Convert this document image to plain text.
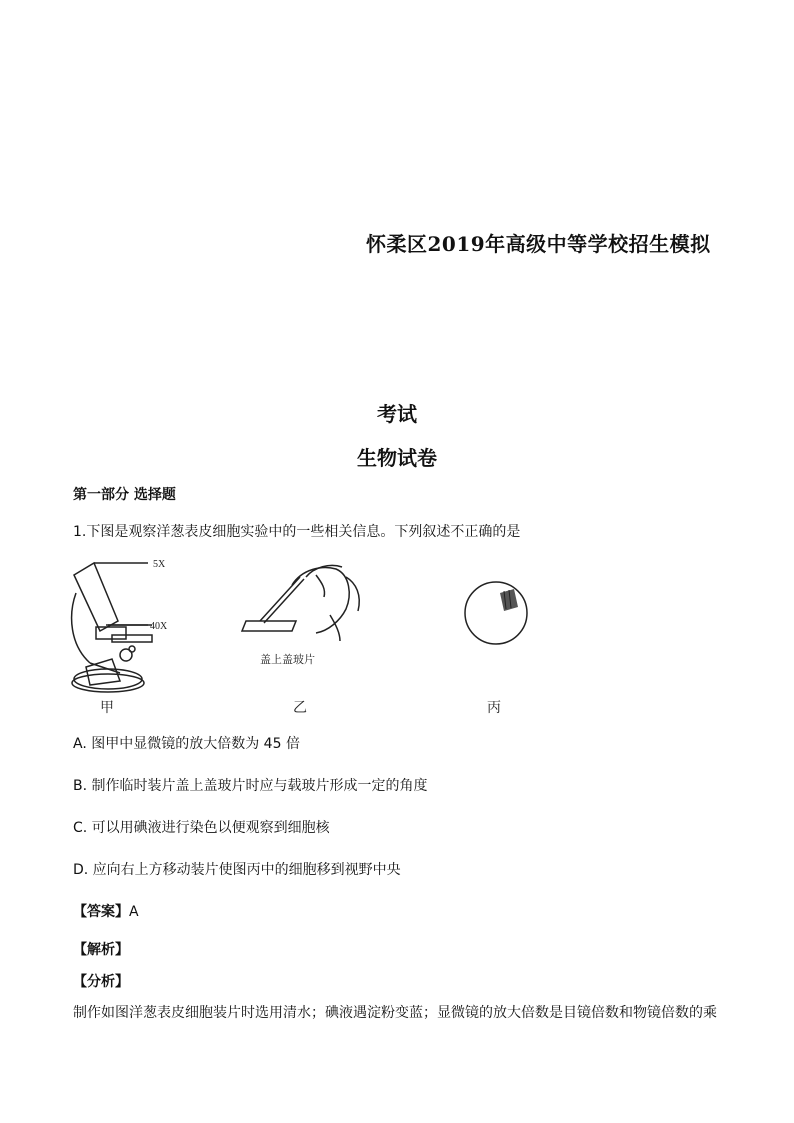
怀柔区2019年高级中等学校招生模拟
考试
生物试卷
第一部分 选择题
1.下图是观察洋葱表皮细胞实验中的一些相关信息。下列叙述不正确的是
5X
40X
甲
盖上盖玻片
乙	丙
A. 图甲中显微镜的放大倍数为 45 倍
B. 制作临时装片盖上盖玻片时应与载玻片形成一定的角度
C. 可以用碘液进行染色以便观察到细胞核
D. 应向右上方移动装片使图丙中的细胞移到视野中央
【答案】A
【解析】
【分析】
制作如图洋葱表皮细胞装片时选用清水；碘液遇淀粉变蓝；显微镜的放大倍数是目镜倍数和物镜倍数的乘
